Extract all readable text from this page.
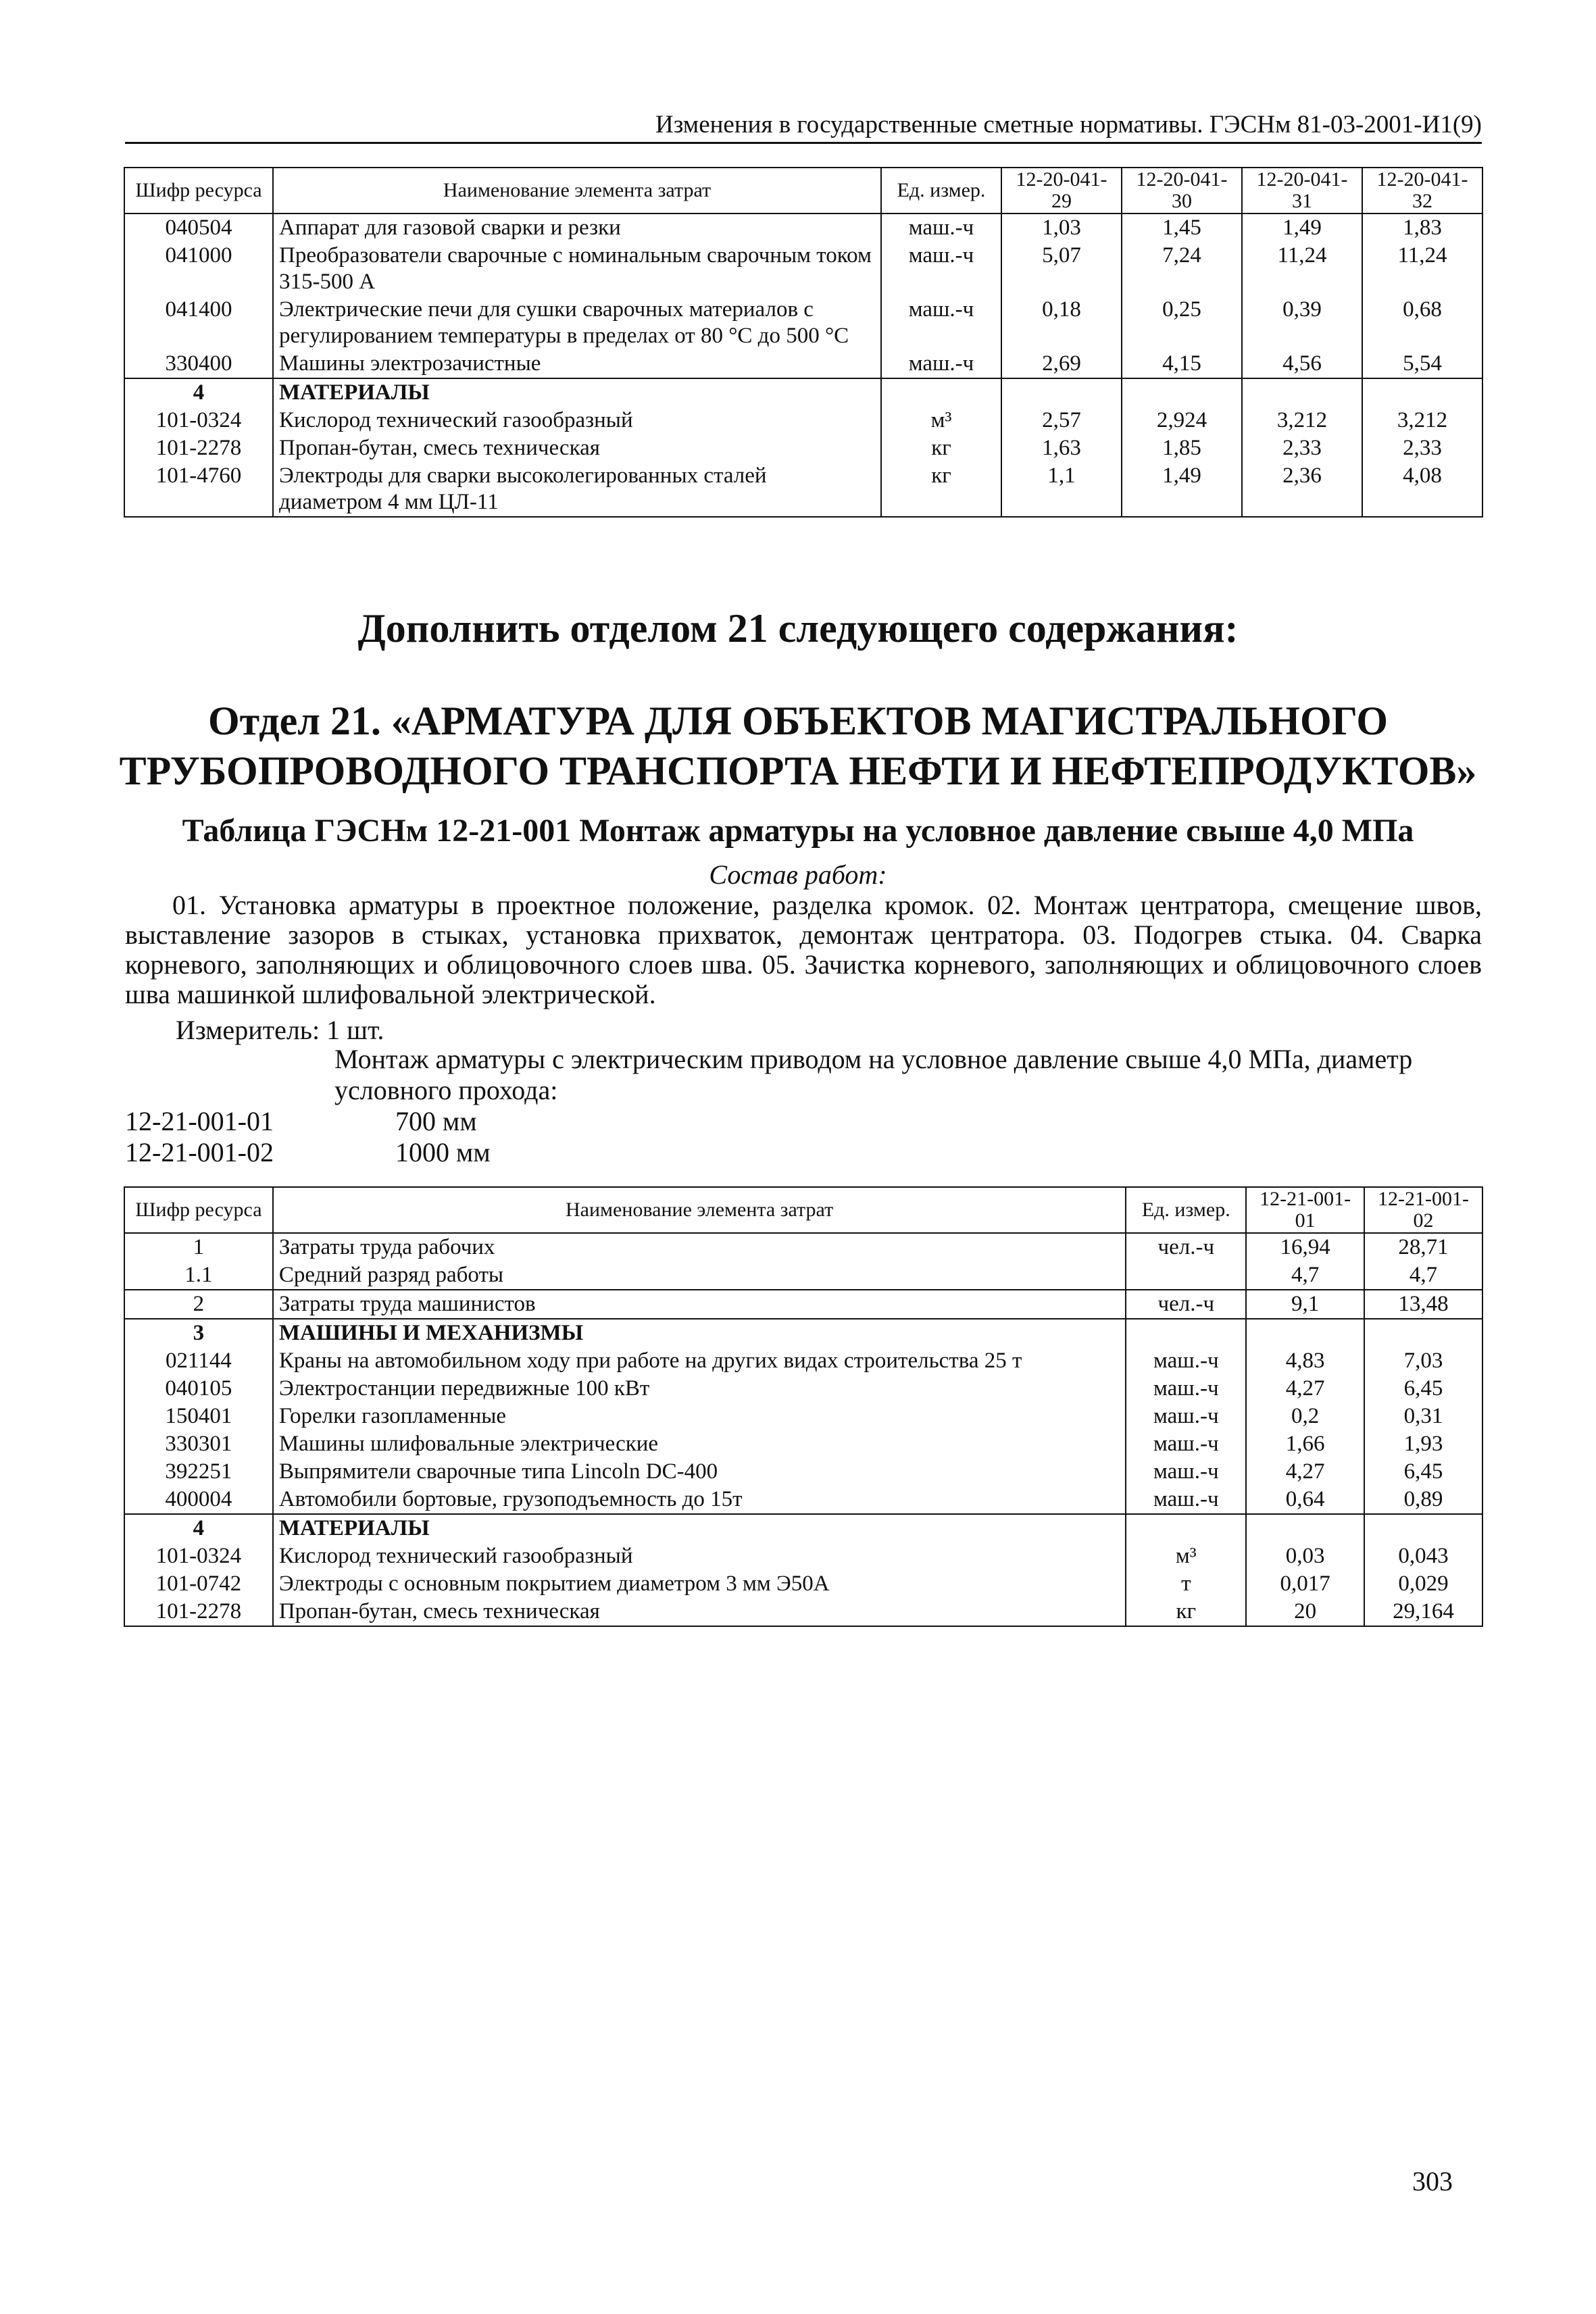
Изменения в государственные сметные нормативы. ГЭСНм 81-03-2001-И1(9)
Шифр ресурса	Наименование элемента затрат	Ед. измер.	12-20-041-29	12-20-041-30	12-20-041-31	12-20-041-32
040504	Аппарат для газовой сварки и резки	маш.-ч	1,03	1,45	1,49	1,83
041000	Преобразователи сварочные с номинальным сварочным током 315-500 А	маш.-ч	5,07	7,24	11,24	11,24
041400	Электрические печи для сушки сварочных материалов с регулированием температуры в пределах от 80 °С до 500 °С	маш.-ч	0,18	0,25	0,39	0,68
330400	Машины электрозачистные	маш.-ч	2,69	4,15	4,56	5,54
4	МАТЕРИАЛЫ					
101-0324	Кислород технический газообразный	м³	2,57	2,924	3,212	3,212
101-2278	Пропан-бутан, смесь техническая	кг	1,63	1,85	2,33	2,33
101-4760	Электроды для сварки высоколегированных сталей диаметром 4 мм ЦЛ-11	кг	1,1	1,49	2,36	4,08
Дополнить отделом 21 следующего содержания:
Отдел 21. «АРМАТУРА ДЛЯ ОБЪЕКТОВ МАГИСТРАЛЬНОГО
ТРУБОПРОВОДНОГО ТРАНСПОРТА НЕФТИ И НЕФТЕПРОДУКТОВ»
Таблица ГЭСНм 12-21-001 Монтаж арматуры на условное давление свыше 4,0 МПа
Состав работ:
01. Установка арматуры в проектное положение, разделка кромок. 02. Монтаж центратора, смещение швов, выставление зазоров в стыках, установка прихваток, демонтаж центратора. 03. Подогрев стыка. 04. Сварка корневого, заполняющих и облицовочного слоев шва. 05. Зачистка корневого, заполняющих и облицовочного слоев шва машинкой шлифовальной электрической.
Измеритель: 1 шт.
Монтаж арматуры с электрическим приводом на условное давление свыше 4,0 МПа, диаметр условного прохода:
12-21-001-01	700 мм
12-21-001-02	1000 мм
Шифр ресурса	Наименование элемента затрат	Ед. измер.	12-21-001-01	12-21-001-02
1	Затраты труда рабочих	чел.-ч	16,94	28,71
1.1	Средний разряд работы		4,7	4,7
2	Затраты труда машинистов	чел.-ч	9,1	13,48
3	МАШИНЫ И МЕХАНИЗМЫ			
021144	Краны на автомобильном ходу при работе на других видах строительства 25 т	маш.-ч	4,83	7,03
040105	Электростанции передвижные 100 кВт	маш.-ч	4,27	6,45
150401	Горелки газопламенные	маш.-ч	0,2	0,31
330301	Машины шлифовальные электрические	маш.-ч	1,66	1,93
392251	Выпрямители сварочные типа Lincoln DC-400	маш.-ч	4,27	6,45
400004	Автомобили бортовые, грузоподъемность до 15т	маш.-ч	0,64	0,89
4	МАТЕРИАЛЫ			
101-0324	Кислород технический газообразный	м³	0,03	0,043
101-0742	Электроды с основным покрытием диаметром 3 мм Э50А	т	0,017	0,029
101-2278	Пропан-бутан, смесь техническая	кг	20	29,164
303
